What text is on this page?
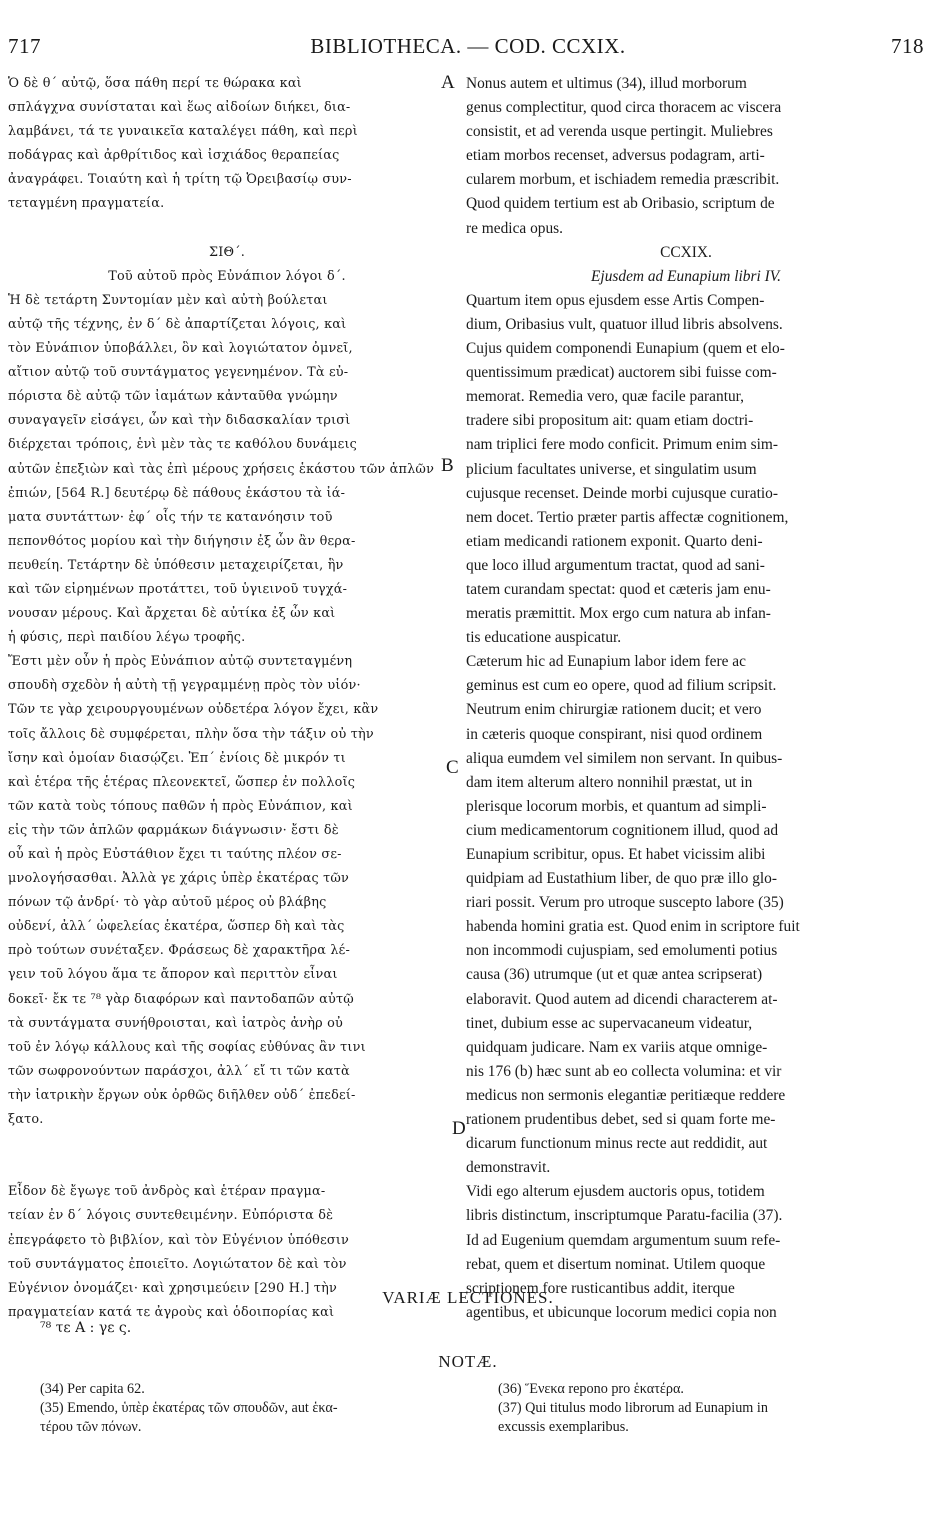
717	BIBLIOTHECA. — COD. CCXIX.	718
Ὁ δὲ θ΄ αὐτῷ, ὅσα πάθη περί τε θώρακα καὶ
σπλάγχνα συνίσταται καὶ ἕως αἰδοίων διήκει, δια-
λαμβάνει, τά τε γυναικεῖα καταλέγει πάθη, καὶ περὶ
ποδάγρας καὶ ἀρθρίτιδος καὶ ἰσχιάδος θεραπείας
ἀναγράφει. Τοιαύτη καὶ ἡ τρίτη τῷ Ὀρειβασίῳ συν-
τεταγμένη πραγματεία.
ΣΙΘ΄.
Τοῦ αὐτοῦ πρὸς Εὐνάπιον λόγοι δ΄.
Ἡ δὲ τετάρτη Συντομίαν μὲν καὶ αὐτὴ βούλεται
αὐτῷ τῆς τέχνης, ἐν δ΄ δὲ ἀπαρτίζεται λόγοις, καὶ
τὸν Εὐνάπιον ὑποβάλλει, ὃν καὶ λογιώτατον ὀμνεῖ,
αἴτιον αὐτῷ τοῦ συντάγματος γεγενημένον. Τὰ εὐ-
πόριστα δὲ αὐτῷ τῶν ἰαμάτων κἀνταῦθα γνώμην
συναγαγεῖν εἰσάγει, ὧν καὶ τὴν διδασκαλίαν τρισὶ
διέρχεται τρόποις, ἑνὶ μὲν τὰς τε καθόλου δυνάμεις
αὐτῶν ἐπεξιὼν καὶ τὰς ἐπὶ μέρους χρήσεις ἑκάστου τῶν ἁπλῶν
ἐπιών, [564 R.] δευτέρῳ δὲ πάθους ἑκάστου τὰ ἰά-
ματα συντάττων· ἐφ΄ οἷς τήν τε κατανόησιν τοῦ
πεπονθότος μορίου καὶ τὴν διήγησιν ἐξ ὧν ἂν θερα-
πευθείη. Τετάρτην δὲ ὑπόθεσιν μεταχειρίζεται, ἣν
καὶ τῶν εἰρημένων προτάττει, τοῦ ὑγιεινοῦ τυγχά-
νουσαν μέρους. Καὶ ἄρχεται δὲ αὐτίκα ἐξ ὧν καὶ
ἡ φύσις, περὶ παιδίου λέγω τροφῆς.
Ἔστι μὲν οὖν ἡ πρὸς Εὐνάπιον αὐτῷ συντεταγμένη
σπουδὴ σχεδὸν ἡ αὐτὴ τῇ γεγραμμένῃ πρὸς τὸν υἱόν·
Τῶν τε γὰρ χειρουργουμένων οὐδετέρα λόγον ἔχει, κἂν
τοῖς ἄλλοις δὲ συμφέρεται, πλὴν ὅσα τὴν τάξιν οὐ τὴν
ἴσην καὶ ὁμοίαν διασῴζει. Ἐπ΄ ἐνίοις δὲ μικρόν τι
καὶ ἑτέρα τῆς ἑτέρας πλεονεκτεῖ, ὥσπερ ἐν πολλοῖς
τῶν κατὰ τοὺς τόπους παθῶν ἡ πρὸς Εὐνάπιον, καὶ
εἰς τὴν τῶν ἁπλῶν φαρμάκων διάγνωσιν· ἔστι δὲ
οὗ καὶ ἡ πρὸς Εὐστάθιον ἔχει τι ταύτης πλέον σε-
μνολογήσασθαι. Ἀλλὰ γε χάρις ὑπὲρ ἑκατέρας τῶν
πόνων τῷ ἀνδρί· τὸ γὰρ αὐτοῦ μέρος οὐ βλάβης
οὐδενί, ἀλλ΄ ὠφελείας ἑκατέρα, ὥσπερ δὴ καὶ τὰς
πρὸ τούτων συνέταξεν. Φράσεως δὲ χαρακτῆρα λέ-
γειν τοῦ λόγου ἅμα τε ἄπορον καὶ περιττὸν εἶναι
δοκεῖ· ἔκ τε ⁷⁸ γὰρ διαφόρων καὶ παντοδαπῶν αὐτῷ
τὰ συντάγματα συνήθροισται, καὶ ἰατρὸς ἀνὴρ οὐ
τοῦ ἐν λόγῳ κάλλους καὶ τῆς σοφίας εὐθύνας ἂν τινι
τῶν σωφρονούντων παράσχοι, ἀλλ΄ εἴ τι τῶν κατὰ
τὴν ἰατρικὴν ἔργων οὐκ ὀρθῶς διῆλθεν οὐδ΄ ἐπεδεί-
ξατο.
Εἶδον δὲ ἔγωγε τοῦ ἀνδρὸς καὶ ἑτέραν πραγμα-
τείαν ἐν δ΄ λόγοις συντεθειμένην. Εὐπόριστα δὲ
ἐπεγράφετο τὸ βιβλίον, καὶ τὸν Εὐγένιον ὑπόθεσιν
τοῦ συντάγματος ἐποιεῖτο. Λογιώτατον δὲ καὶ τὸν
Εὐγένιον ὀνομάζει· καὶ χρησιμεύειν [290 H.] τὴν
πραγματείαν κατά τε ἀγροὺς καὶ ὁδοιπορίας καὶ
Nonus autem et ultimus (34), illud morborum
genus complectitur, quod circa thoracem ac viscera
consistit, et ad verenda usque pertingit. Muliebres
etiam morbos recenset, adversus podagram, arti-
cularem morbum, et ischiadem remedia præscribit.
Quod quidem tertium est ab Oribasio, scriptum de
re medica opus.
CCXIX.
Ejusdem ad Eunapium libri IV.
Quartum item opus ejusdem esse Artis Compen-
dium, Oribasius vult, quatuor illud libris absolvens.
Cujus quidem componendi Eunapium (quem et elo-
quentissimum prædicat) auctorem sibi fuisse com-
memorat. Remedia vero, quæ facile parantur,
tradere sibi propositum ait: quam etiam doctri-
nam triplici fere modo conficit. Primum enim sim-
plicium facultates universe, et singulatim usum
cujusque recenset. Deinde morbi cujusque curatio-
nem docet. Tertio præter partis affectæ cognitionem,
etiam medicandi rationem exponit. Quarto deni-
que loco illud argumentum tractat, quod ad sani-
tatem curandam spectat: quod et cæteris jam enu-
meratis præmittit. Mox ergo cum natura ab infan-
tis educatione auspicatur.
Cæterum hic ad Eunapium labor idem fere ac
geminus est cum eo opere, quod ad filium scripsit.
Neutrum enim chirurgiæ rationem ducit; et vero
in cæteris quoque conspirant, nisi quod ordinem
aliqua eumdem vel similem non servant. In quibus-
dam item alterum altero nonnihil præstat, ut in
plerisque locorum morbis, et quantum ad simpli-
cium medicamentorum cognitionem illud, quod ad
Eunapium scribitur, opus. Et habet vicissim alibi
quidpiam ad Eustathium liber, de quo præ illo glo-
riari possit. Verum pro utroque suscepto labore (35)
habenda homini gratia est. Quod enim in scriptore fuit
non incommodi cujuspiam, sed emolumenti potius
causa (36) utrumque (ut et quæ antea scripserat)
elaboravit. Quod autem ad dicendi characterem at-
tinet, dubium esse ac supervacaneum videatur,
quidquam judicare. Nam ex variis atque omnige-
nis 176 (b) hæc sunt ab eo collecta volumina: et vir
medicus non sermonis elegantiæ peritiæque reddere
rationem prudentibus debet, sed si quam forte me-
dicarum functionum minus recte aut reddidit, aut
demonstravit.
Vidi ego alterum ejusdem auctoris opus, totidem
libris distinctum, inscriptumque Paratu-facilia (37).
Id ad Eugenium quemdam argumentum suum refe-
rebat, quem et disertum nominat. Utilem quoque
scriptionem fore rusticantibus addit, iterque
agentibus, et ubicunque locorum medici copia non
A
B
C
D
VARIÆ LECTIONES.
⁷⁸ τε A : γε ς.
NOTÆ.
(34) Per capita 62.
(35) Emendo, ὑπὲρ ἑκατέρας τῶν σπουδῶν, aut ἑκα-
τέρου τῶν πόνων.
(36) Ἕνεκα repono pro ἑκατέρα.
(37) Qui titulus modo librorum ad Eunapium in
excussis exemplaribus.
